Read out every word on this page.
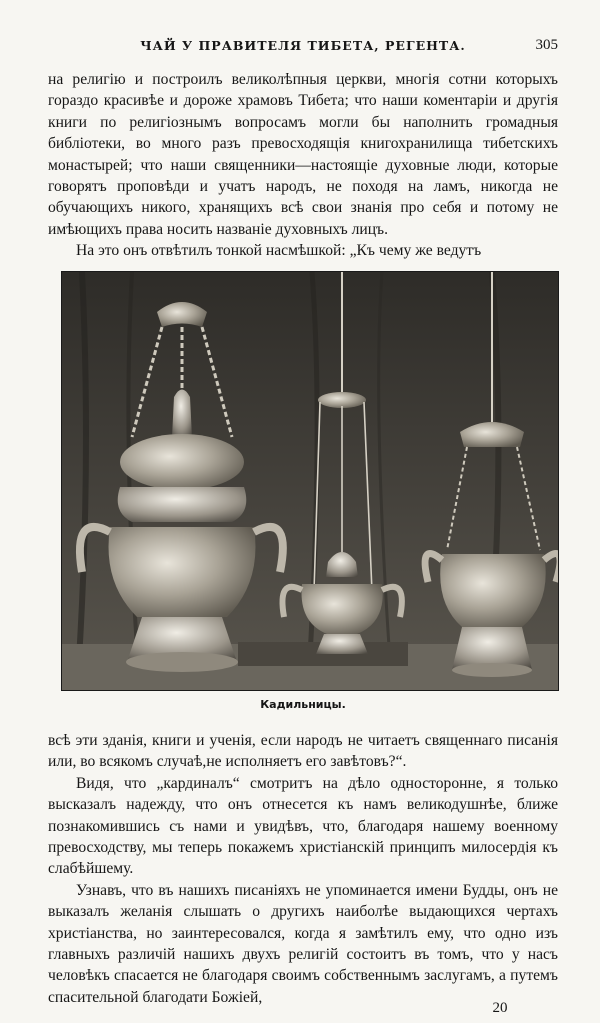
ЧАЙ У ПРАВИТЕЛЯ ТИБЕТА, РЕГЕНТА.	305

на религію и построилъ великолѣпныя церкви, многія сотни которыхъ гораздо красивѣе и дороже храмовъ Тибета; что наши коментаріи и другія книги по религіознымъ вопросамъ могли бы наполнить громадныя библіотеки, во много разъ превосходящія книгохранилища тибетскихъ монастырей; что наши священники—настоящіе духовные люди, которые говорятъ проповѣди и учатъ народъ, не походя на ламъ, никогда не обучающихъ никого, хранящихъ всѣ свои знанія про себя и потому не имѣющихъ права носить названіе духовныхъ лицъ.

На это онъ отвѣтилъ тонкой насмѣшкой: „Къ чему же ведутъ

Кадильницы.

всѣ эти зданія, книги и ученія, если народъ не читаетъ священнаго писанія или, во всякомъ случаѣ,не исполняетъ его завѣтовъ?“.

Видя, что „кардиналъ“ смотритъ на дѣло односторонне, я только высказалъ надежду, что онъ отнесется къ намъ великодушнѣе, ближе познакомившись съ нами и увидѣвъ, что, благодаря нашему военному превосходству, мы теперь покажемъ христіанскій принципъ милосердія къ слабѣйшему.

Узнавъ, что въ нашихъ писаніяхъ не упоминается имени Будды, онъ не выказалъ желанія слышать о другихъ наиболѣе выдающихся чертахъ христіанства, но заинтересовался, когда я замѣтилъ ему, что одно изъ главныхъ различій нашихъ двухъ религій состоитъ въ томъ, что у насъ человѣкъ спасается не благодаря своимъ собственнымъ заслугамъ, а путемъ спасительной благодати Божіей,

20
